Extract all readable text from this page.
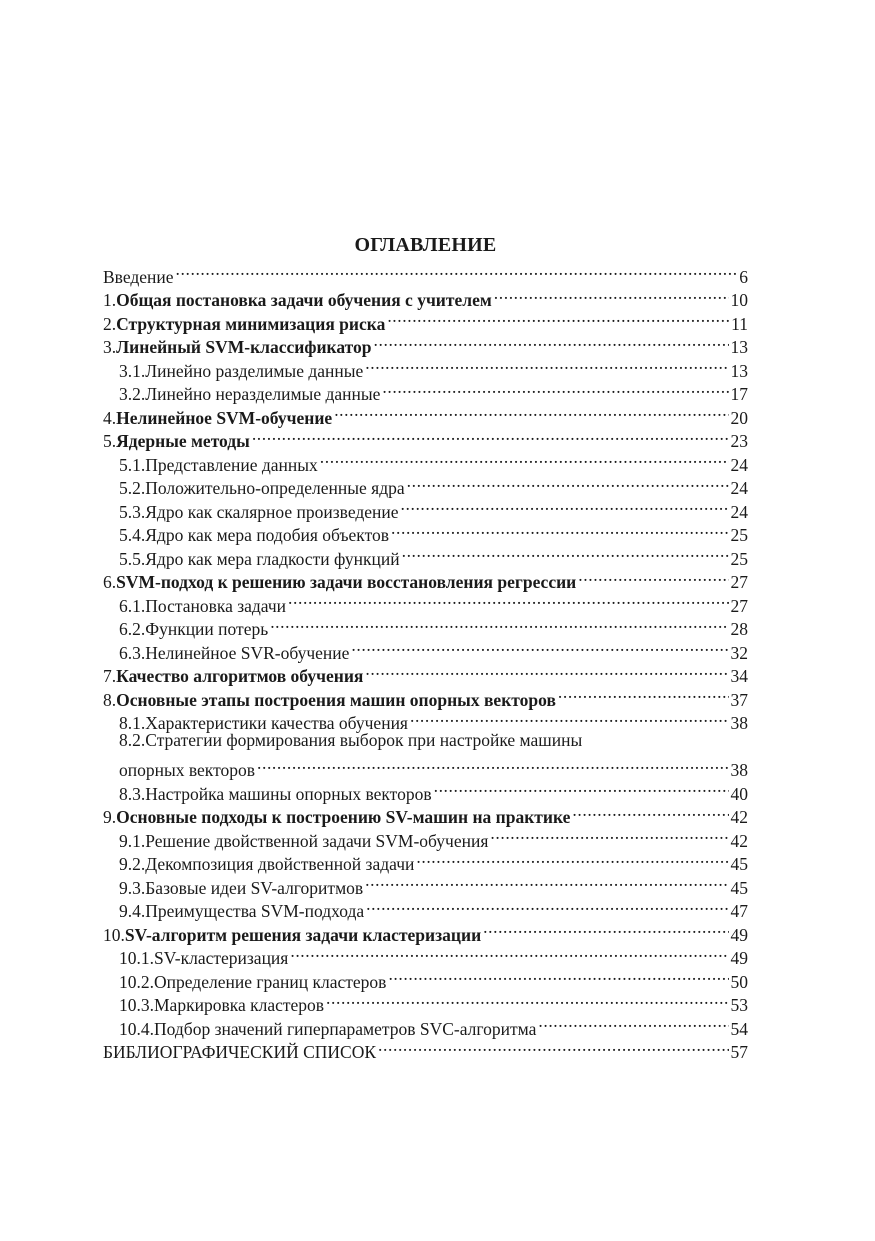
ОГЛАВЛЕНИЕ
Введение .....	6
1. Общая постановка задачи обучения с учителем .....	10
2. Структурная минимизация риска .....	11
3. Линейный SVM-классификатор .....	13
3.1. Линейно разделимые данные .....	13
3.2. Линейно неразделимые данные .....	17
4. Нелинейное SVM-обучение .....	20
5. Ядерные методы .....	23
5.1. Представление данных .....	24
5.2. Положительно-определенные ядра .....	24
5.3. Ядро как скалярное произведение .....	24
5.4. Ядро как мера подобия объектов .....	25
5.5. Ядро как мера гладкости функций .....	25
6. SVM-подход к решению задачи восстановления регрессии .....	27
6.1. Постановка задачи .....	27
6.2. Функции потерь .....	28
6.3. Нелинейное SVR-обучение .....	32
7. Качество алгоритмов обучения .....	34
8. Основные этапы построения машин опорных векторов .....	37
8.1. Характеристики качества обучения .....	38
8.2. Стратегии формирования выборок при настройке машины
опорных векторов .....	38
8.3. Настройка машины опорных векторов .....	40
9. Основные подходы к построению SV-машин на практике .....	42
9.1. Решение двойственной задачи SVM-обучения .....	42
9.2. Декомпозиция двойственной задачи .....	45
9.3. Базовые идеи SV-алгоритмов .....	45
9.4. Преимущества SVM-подхода .....	47
10. SV-алгоритм решения задачи кластеризации .....	49
10.1. SV-кластеризация .....	49
10.2. Определение границ кластеров .....	50
10.3. Маркировка кластеров .....	53
10.4. Подбор значений гиперпараметров SVC-алгоритма .....	54
БИБЛИОГРАФИЧЕСКИЙ СПИСОК .....	57
